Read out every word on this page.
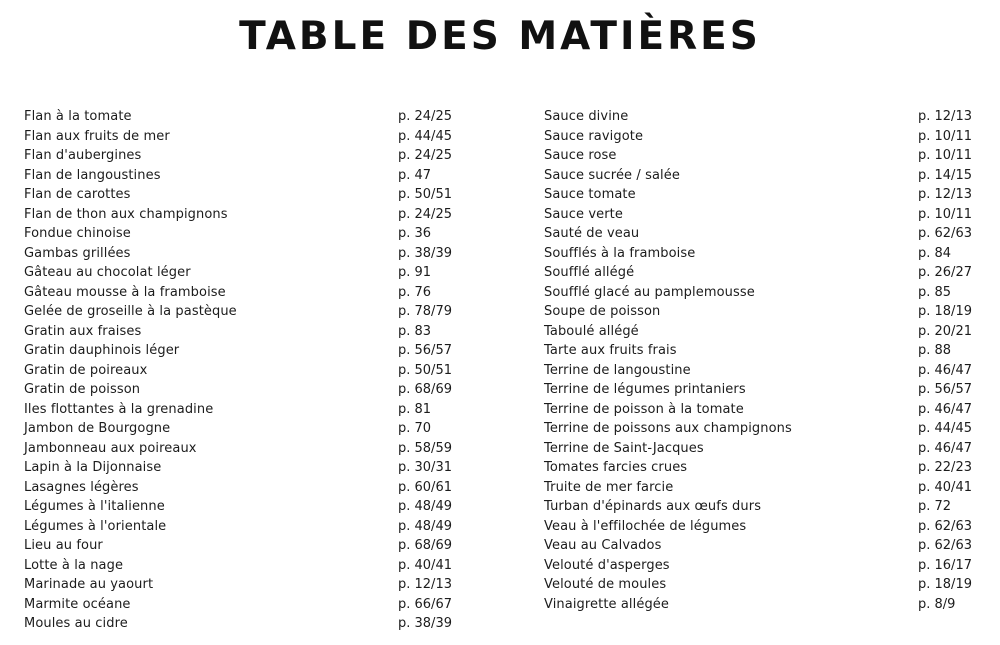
TABLE DES MATIÈRES
Flan à la tomate	p. 24/25
Flan aux fruits de mer	p. 44/45
Flan d'aubergines	p. 24/25
Flan de langoustines	p. 47
Flan de carottes	p. 50/51
Flan de thon aux champignons	p. 24/25
Fondue chinoise	p. 36
Gambas grillées	p. 38/39
Gâteau au chocolat léger	p. 91
Gâteau mousse à la framboise	p. 76
Gelée de groseille à la pastèque	p. 78/79
Gratin aux fraises	p. 83
Gratin dauphinois léger	p. 56/57
Gratin de poireaux	p. 50/51
Gratin de poisson	p. 68/69
Iles flottantes à la grenadine	p. 81
Jambon de Bourgogne	p. 70
Jambonneau aux poireaux	p. 58/59
Lapin à la Dijonnaise	p. 30/31
Lasagnes légères	p. 60/61
Légumes à l'italienne	p. 48/49
Légumes à l'orientale	p. 48/49
Lieu au four	p. 68/69
Lotte à la nage	p. 40/41
Marinade au yaourt	p. 12/13
Marmite océane	p. 66/67
Moules au cidre	p. 38/39
Sauce divine	p. 12/13
Sauce ravigote	p. 10/11
Sauce rose	p. 10/11
Sauce sucrée / salée	p. 14/15
Sauce tomate	p. 12/13
Sauce verte	p. 10/11
Sauté de veau	p. 62/63
Soufflés à la framboise	p. 84
Soufflé allégé	p. 26/27
Soufflé glacé au pamplemousse	p. 85
Soupe de poisson	p. 18/19
Taboulé allégé	p. 20/21
Tarte aux fruits frais	p. 88
Terrine de langoustine	p. 46/47
Terrine de légumes printaniers	p. 56/57
Terrine de poisson à la tomate	p. 46/47
Terrine de poissons aux champignons	p. 44/45
Terrine de Saint-Jacques	p. 46/47
Tomates farcies crues	p. 22/23
Truite de mer farcie	p. 40/41
Turban d'épinards aux œufs durs	p. 72
Veau à l'effilochée de légumes	p. 62/63
Veau au Calvados	p. 62/63
Velouté d'asperges	p. 16/17
Velouté de moules	p. 18/19
Vinaigrette allégée	p. 8/9
